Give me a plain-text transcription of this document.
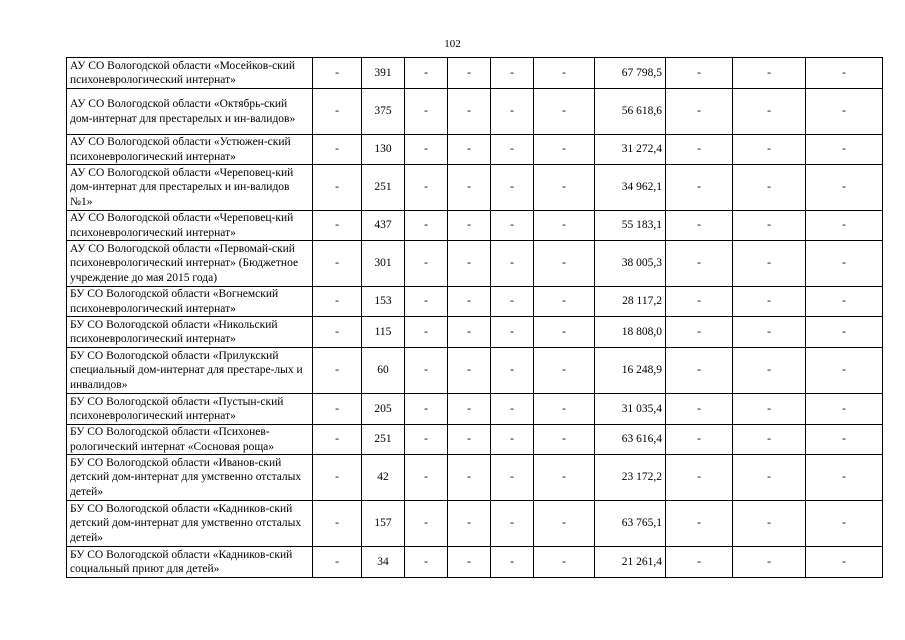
102
АУ СО Вологодской области «Мосейков-ский психоневрологический интернат»	-	391	-	-	-	-	67 798,5	-	-	-
АУ СО Вологодской области «Октябрь-ский дом-интернат для престарелых и ин-валидов»	-	375	-	-	-	-	56 618,6	-	-	-
АУ СО Вологодской области «Устюжен-ский психоневрологический интернат»	-	130	-	-	-	-	31 272,4	-	-	-
АУ СО Вологодской области «Череповец-кий дом-интернат для престарелых и ин-валидов №1»	-	251	-	-	-	-	34 962,1	-	-	-
АУ СО Вологодской области «Череповец-кий психоневрологический интернат»	-	437	-	-	-	-	55 183,1	-	-	-
АУ СО Вологодской области «Первомай-ский психоневрологический интернат» (Бюджетное учреждение до мая 2015 года)	-	301	-	-	-	-	38 005,3	-	-	-
БУ СО Вологодской области «Вогнемский психоневрологический интернат»	-	153	-	-	-	-	28 117,2	-	-	-
БУ СО Вологодской области «Никольский психоневрологический интернат»	-	115	-	-	-	-	18 808,0	-	-	-
БУ СО Вологодской области «Прилукский специальный дом-интернат для престаре-лых и инвалидов»	-	60	-	-	-	-	16 248,9	-	-	-
БУ СО Вологодской области «Пустын-ский психоневрологический интернат»	-	205	-	-	-	-	31 035,4	-	-	-
БУ СО Вологодской области «Психонев-рологический интернат «Сосновая роща»	-	251	-	-	-	-	63 616,4	-	-	-
БУ СО Вологодской области «Иванов-ский детский дом-интернат для умственно отсталых детей»	-	42	-	-	-	-	23 172,2	-	-	-
БУ СО Вологодской области «Кадников-ский детский дом-интернат для умственно отсталых детей»	-	157	-	-	-	-	63 765,1	-	-	-
БУ СО Вологодской области «Кадников-ский социальный приют для детей»	-	34	-	-	-	-	21 261,4	-	-	-
